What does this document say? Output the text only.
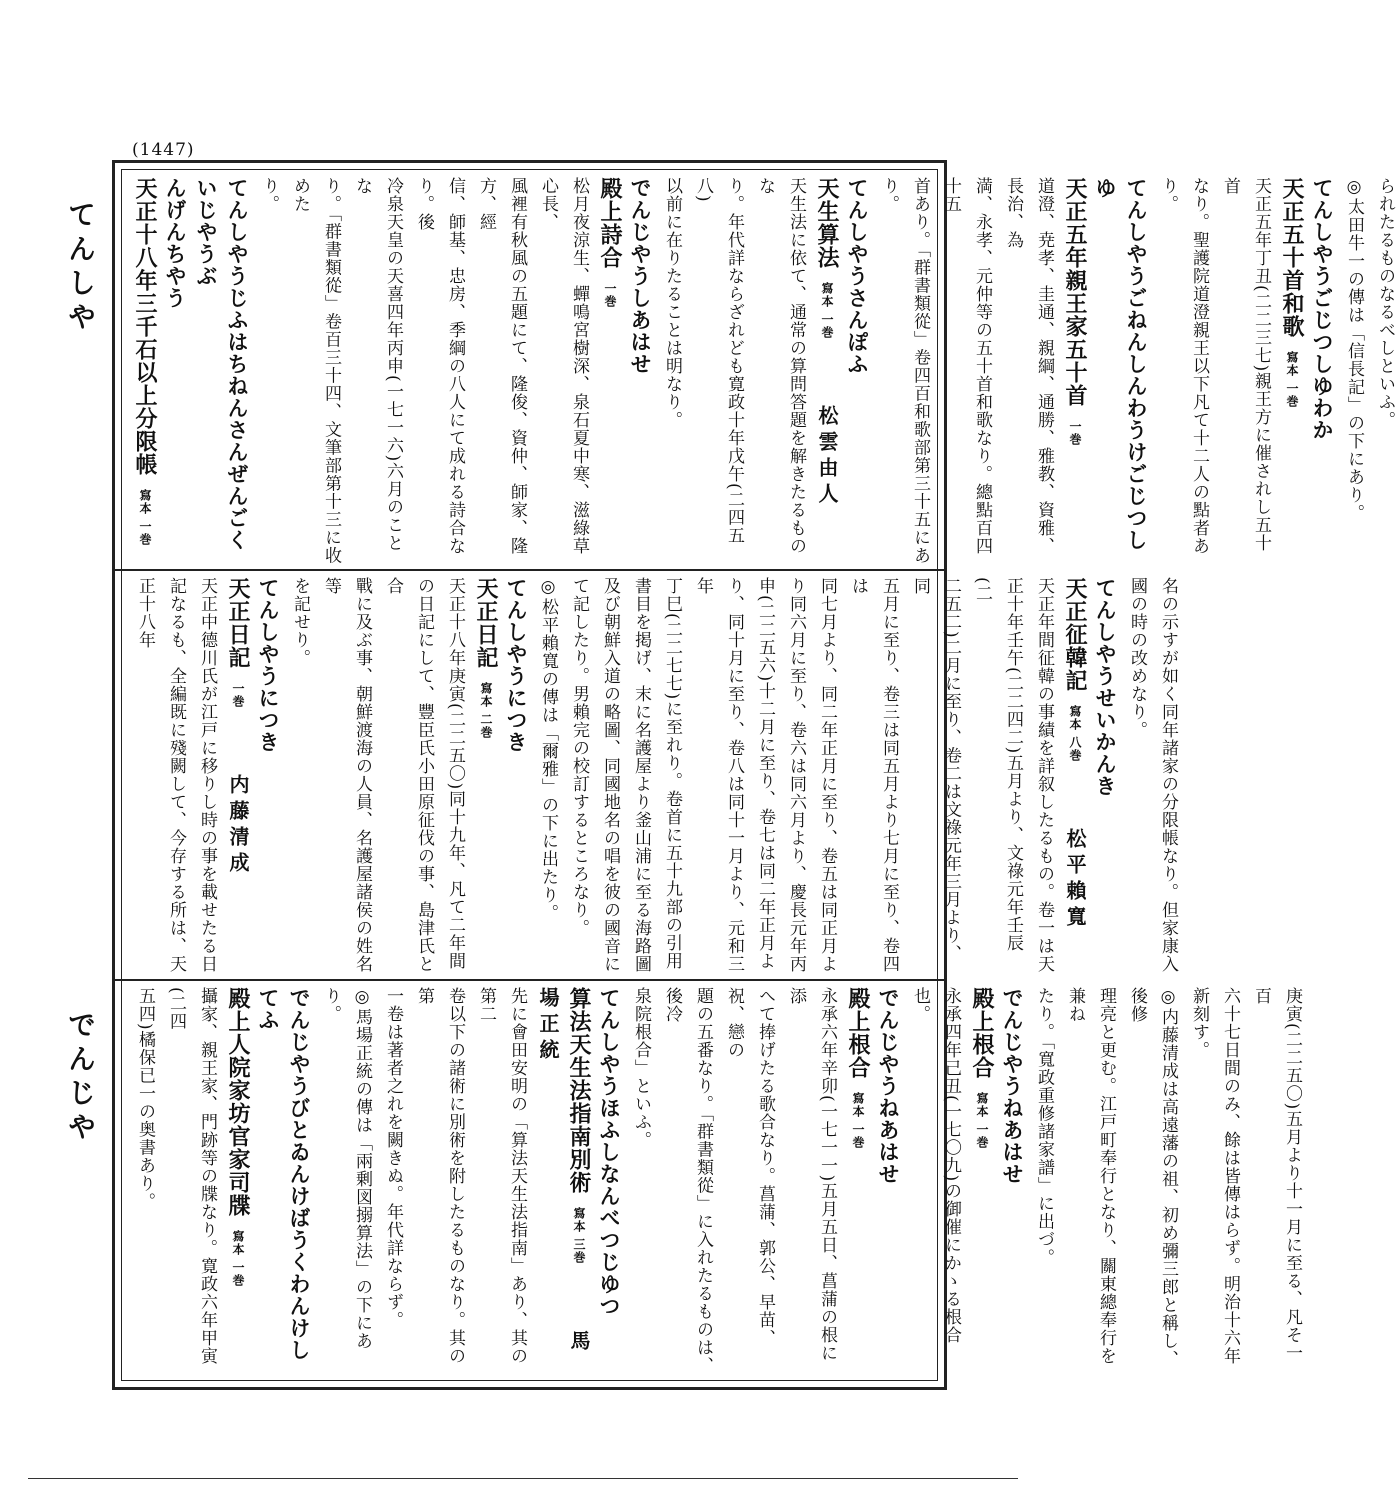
(1447)
てんしや
でんじや

られたるものなるべしといふ。

◎太田牛一の傳は「信長記」の下にあり。

てんしやうごじつしゆわか

天正五十首和歌　寫本 一巻

天正五年丁丑(二二三七)親王方に催されし五十首

なり。聖護院道澄親王以下凡て十二人の點者あり。

てんしやうごねんしんわうけごじつしゆ

天正五年親王家五十首　一巻

道澄、尭孝、圭通、親綱、通勝、雅教、資雅、長治、為

満、永孝、元仲等の五十首和歌なり。總點百四十五

首あり。「群書類從」卷四百和歌部第三十五にあり。

てんしやうさんぽふ

天生算法　寫本 一巻　松雲由人

天生法に依て、通常の算問答題を解きたるものな

り。年代詳ならざれども寛政十年戊午(二四五八)

以前に在りたることは明なり。

でんじやうしあはせ

殿上詩合　一巻

松月夜涼生、蟬鳴宮樹深、泉石夏中寒、滋綠草心長、

風裡有秋風の五題にて、隆俊、資仲、師家、隆方、經

信、師基、忠房、季綱の八人にて成れる詩合なり。後

冷泉天皇の天喜四年丙申(一七一六)六月のことな

り。「群書類從」卷百三十四、文筆部第十三に收めた

り。

てんしやうじふはちねんさんぜんごくいじやうぶ

んげんちやう

天正十八年三千石以上分限帳　寫本 一巻

名の示すが如く同年諸家の分限帳なり。但家康入

國の時の改めなり。

てんしやうせいかんき

天正征韓記　寫本 八巻　松平賴寬

天正年間征韓の事績を詳叙したるもの。卷一は天

正十年壬午(二二四二)五月より、文祿元年壬辰(二

二五二)二月に至り、卷二は文祿元年三月より、同

五月に至り、卷三は同五月より七月に至り、卷四は

同七月より、同二年正月に至り、卷五は同正月よ

り同六月に至り、卷六は同六月より、慶長元年丙

申(二二五六)十二月に至り、卷七は同二年正月よ

り、同十月に至り、卷八は同十一月より、元和三年

丁巳(二二七七)に至れり。卷首に五十九部の引用

書目を掲げ、末に名護屋より釜山浦に至る海路圖

及び朝鮮入道の略圖、同國地名の唱を彼の國音に

て記したり。男賴完の校訂するところなり。

◎松平賴寬の傳は「爾雅」の下に出たり。

てんしやうにつき

天正日記　寫本 二巻

天正十八年庚寅(二二五〇)同十九年、凡て二年間

の日記にして、豐臣氏小田原征伐の事、島津氏と合

戰に及ぶ事、朝鮮渡海の人員、名護屋諸侯の姓名等

を記せり。

てんしやうにつき

天正日記　一巻　内藤清成

天正中德川氏が江戸に移りし時の事を載せたる日

記なるも、全編既に殘闕して、今存する所は、天正十八年

庚寅(二二五〇)五月より十一月に至る、凡そ一百

六十七日間のみ、餘は皆傳はらず。明治十六年

新刻す。

◎内藤清成は高遠藩の祖、初め彌三郎と稱し、後修

理亮と更む。江戸町奉行となり、關東總奉行を兼ね

たり。「寬政重修諸家譜」に出づ。

でんじやうねあはせ

殿上根合　寫本 一巻

永承四年己丑(一七〇九)の御催にかゝる根合也。

でんじやうねあはせ

殿上根合　寫本 一巻

永承六年辛卯(一七一一)五月五日、菖蒲の根に添

へて捧げたる歌合なり。菖蒲、郭公、早苗、祝、戀の

題の五番なり。「群書類從」に入れたるものは、後冷

泉院根合」といふ。

てんしやうほふしなんべつじゆつ

算法天生法指南別術　寫本 三巻　馬場正統

先に會田安明の「算法天生法指南」あり、其の第二

卷以下の諸術に別術を附したるものなり。其の第

一卷は著者之れを闕きぬ。年代詳ならず。

◎馬場正統の傳は「兩剰図搦算法」の下にあり。

でんじやうびとゐんけばうくわんけしてふ

殿上人院家坊官家司牒　寫本 一巻

攝家、親王家、門跡等の牒なり。寛政六年甲寅(二四

五四)橘保已一の奥書あり。
